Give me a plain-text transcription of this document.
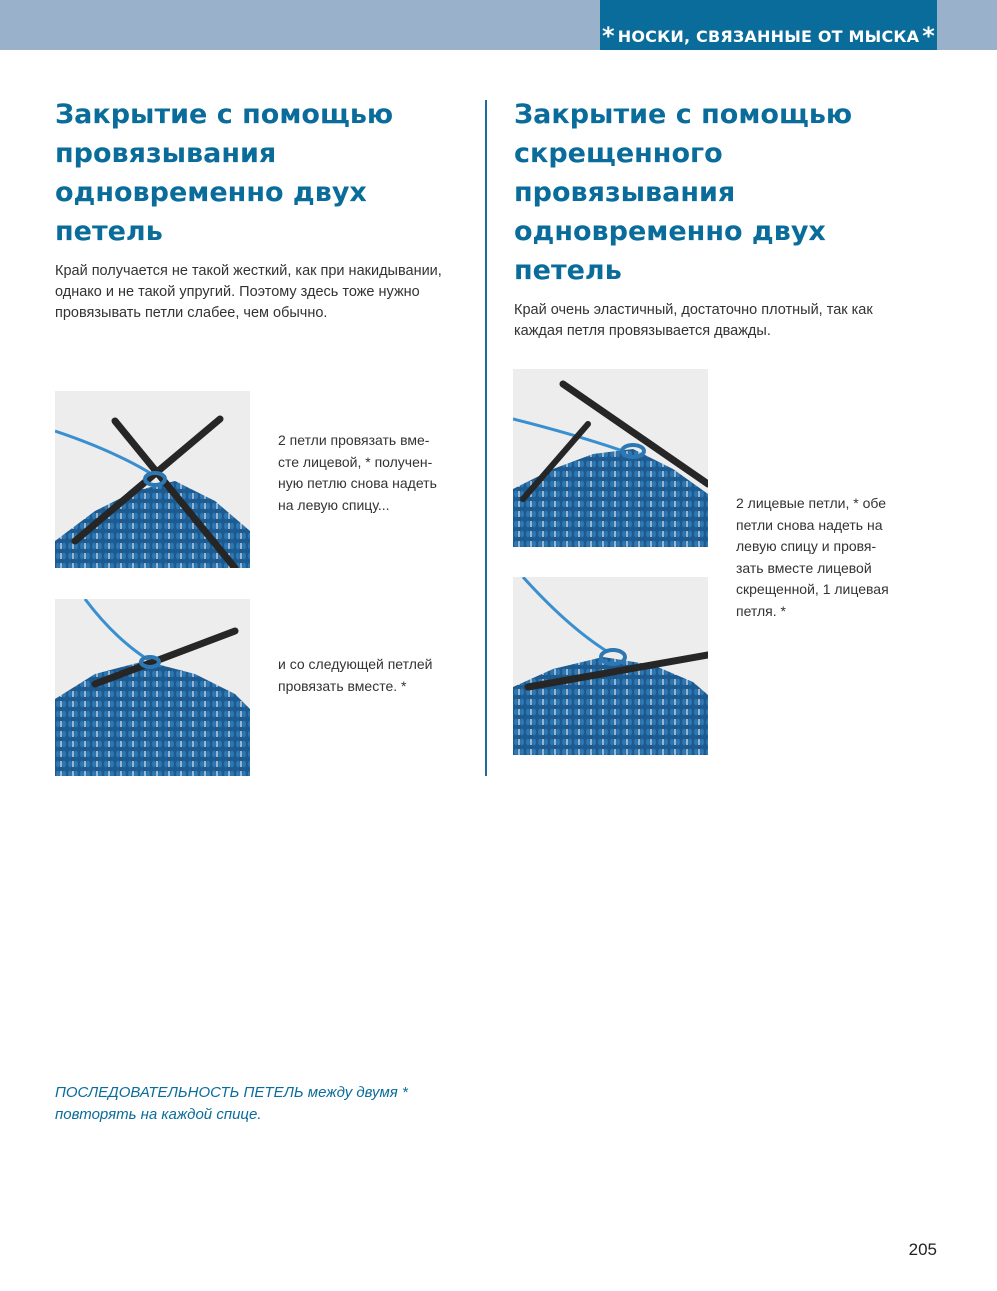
* НОСКИ, СВЯЗАННЫЕ ОТ МЫСКА *
Закрытие с помощью
провязывания
одновременно двух
петель

Край получается не такой жесткий, как при накидывании,
однако и не такой упругий. Поэтому здесь тоже нужно
провязывать петли слабее, чем обычно.

Закрытие с помощью
скрещенного
провязывания
одновременно двух
петель

Край очень эластичный, достаточно плотный, так как
каждая петля провязывается дважды.

2 петли провязать вме-
сте лицевой, * получен-
ную петлю снова надеть
на левую спицу...
и со следующей петлей
провязать вместе. *
2 лицевые петли, * обе
петли снова надеть на
левую спицу и провя-
зать вместе лицевой
скрещенной, 1 лицевая
петля. *
ПОСЛЕДОВАТЕЛЬНОСТЬ ПЕТЕЛЬ между двумя *
повторять на каждой спице.
205
